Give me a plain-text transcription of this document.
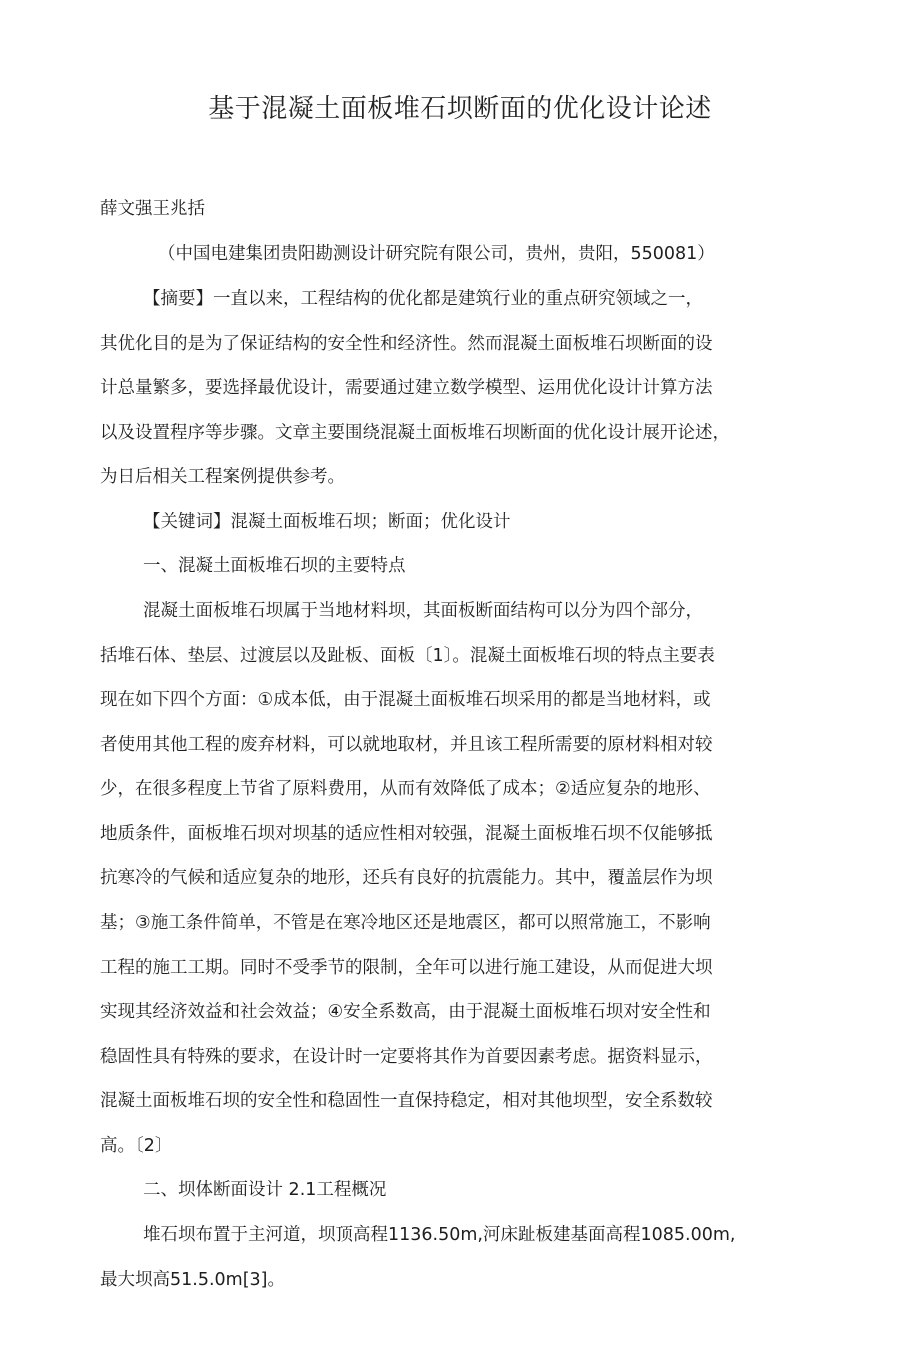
基于混凝土面板堆石坝断面的优化设计论述
薛文强王兆括
（中国电建集团贵阳勘测设计研究院有限公司，贵州，贵阳，550081）
【摘要】一直以来，工程结构的优化都是建筑行业的重点研究领域之一，
其优化目的是为了保证结构的安全性和经济性。然而混凝土面板堆石坝断面的设
计总量繁多，要选择最优设计，需要通过建立数学模型、运用优化设计计算方法
以及设置程序等步骤。文章主要围绕混凝土面板堆石坝断面的优化设计展开论述，
为日后相关工程案例提供参考。
【关键词】混凝土面板堆石坝；断面；优化设计
一、混凝土面板堆石坝的主要特点
混凝土面板堆石坝属于当地材料坝，其面板断面结构可以分为四个部分，
括堆石体、垫层、过渡层以及趾板、面板〔1〕。混凝土面板堆石坝的特点主要表
现在如下四个方面：①成本低，由于混凝土面板堆石坝采用的都是当地材料，或
者使用其他工程的废弃材料，可以就地取材，并且该工程所需要的原材料相对较
少，在很多程度上节省了原料费用，从而有效降低了成本；②适应复杂的地形、
地质条件，面板堆石坝对坝基的适应性相对较强，混凝土面板堆石坝不仅能够抵
抗寒冷的气候和适应复杂的地形，还兵有良好的抗震能力。其中，覆盖层作为坝
基；③施工条件简单，不管是在寒冷地区还是地震区，都可以照常施工，不影响
工程的施工工期。同时不受季节的限制，全年可以进行施工建设，从而促进大坝
实现其经济效益和社会效益；④安全系数高，由于混凝土面板堆石坝对安全性和
稳固性具有特殊的要求，在设计时一定要将其作为首要因素考虑。据资料显示，
混凝土面板堆石坝的安全性和稳固性一直保持稳定，相对其他坝型，安全系数较
高。〔2〕
二、坝体断面设计 2.1工程概况
堆石坝布置于主河道，坝顶高程1136.50m,河床趾板建基面高程1085.00m,
最大坝高51.5.0m[3]。
